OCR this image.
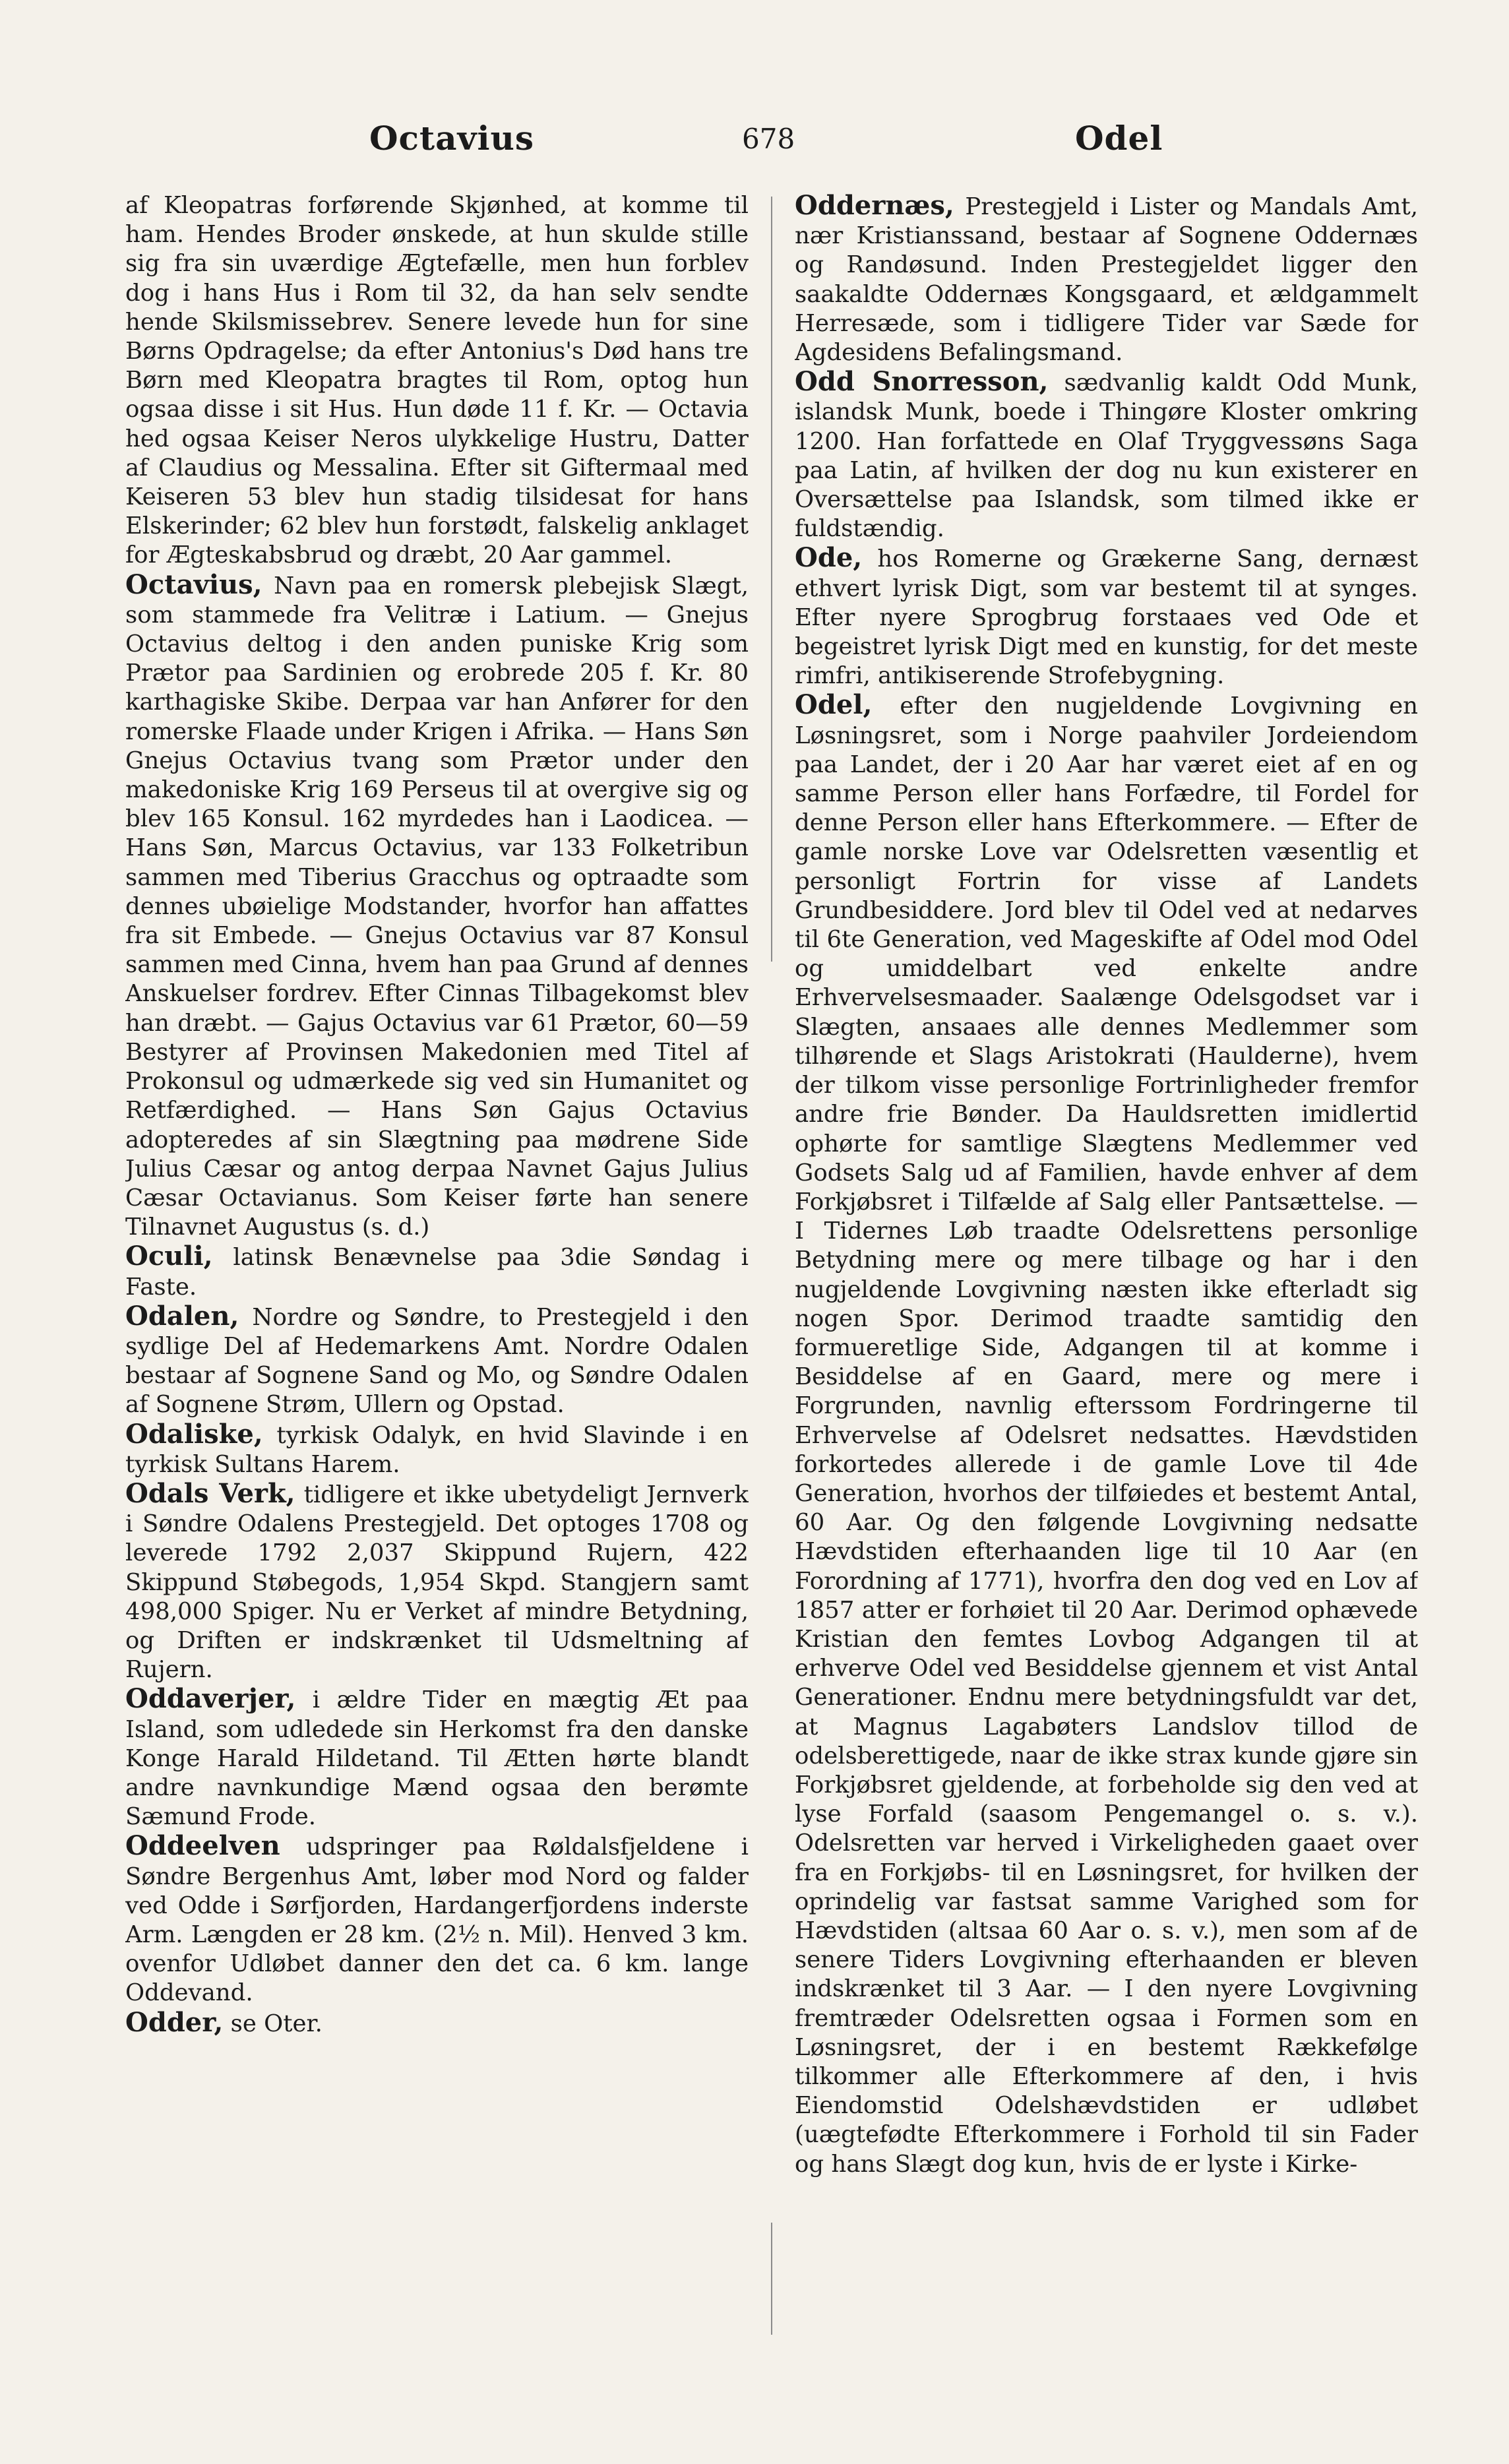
Octavius	678	Odel

af Kleopatras forførende Skjønhed, at komme til ham. Hendes Broder ønskede, at hun skulde stille sig fra sin uværdige Ægtefælle, men hun forblev dog i hans Hus i Rom til 32, da han selv sendte hende Skilsmissebrev. Senere levede hun for sine Børns Opdragelse; da efter Antonius's Død hans tre Børn med Kleopatra bragtes til Rom, optog hun ogsaa disse i sit Hus. Hun døde 11 f. Kr. — Octavia hed ogsaa Keiser Neros ulykkelige Hustru, Datter af Claudius og Messalina. Efter sit Giftermaal med Keiseren 53 blev hun stadig tilsidesat for hans Elskerinder; 62 blev hun forstødt, falskelig anklaget for Ægteskabsbrud og dræbt, 20 Aar gammel.

Octavius, Navn paa en romersk plebejisk Slægt, som stammede fra Velitræ i Latium. — Gnejus Octavius deltog i den anden puniske Krig som Prætor paa Sardinien og erobrede 205 f. Kr. 80 karthagiske Skibe. Derpaa var han Anfører for den romerske Flaade under Krigen i Afrika. — Hans Søn Gnejus Octavius tvang som Prætor under den makedoniske Krig 169 Perseus til at overgive sig og blev 165 Konsul. 162 myrdedes han i Laodicea. — Hans Søn, Marcus Octavius, var 133 Folketribun sammen med Tiberius Gracchus og optraadte som dennes ubøielige Modstander, hvorfor han affattes fra sit Embede. — Gnejus Octavius var 87 Konsul sammen med Cinna, hvem han paa Grund af dennes Anskuelser fordrev. Efter Cinnas Tilbagekomst blev han dræbt. — Gajus Octavius var 61 Prætor, 60—59 Bestyrer af Provinsen Makedonien med Titel af Prokonsul og udmærkede sig ved sin Humanitet og Retfærdighed. — Hans Søn Gajus Octavius adopteredes af sin Slægtning paa mødrene Side Julius Cæsar og antog derpaa Navnet Gajus Julius Cæsar Octavianus. Som Keiser førte han senere Tilnavnet Augustus (s. d.)

Oculi, latinsk Benævnelse paa 3die Søndag i Faste.

Odalen, Nordre og Søndre, to Prestegjeld i den sydlige Del af Hedemarkens Amt. Nordre Odalen bestaar af Sognene Sand og Mo, og Søndre Odalen af Sognene Strøm, Ullern og Opstad.

Odaliske, tyrkisk Odalyk, en hvid Slavinde i en tyrkisk Sultans Harem.

Odals Verk, tidligere et ikke ubetydeligt Jernverk i Søndre Odalens Prestegjeld. Det optoges 1708 og leverede 1792 2,037 Skippund Rujern, 422 Skippund Støbegods, 1,954 Skpd. Stangjern samt 498,000 Spiger. Nu er Verket af mindre Betydning, og Driften er indskrænket til Udsmeltning af Rujern.

Oddaverjer, i ældre Tider en mægtig Æt paa Island, som udledede sin Herkomst fra den danske Konge Harald Hildetand. Til Ætten hørte blandt andre navnkundige Mænd ogsaa den berømte Sæmund Frode.

Oddeelven udspringer paa Røldalsfjeldene i Søndre Bergenhus Amt, løber mod Nord og falder ved Odde i Sørfjorden, Hardangerfjordens inderste Arm. Længden er 28 km. (2½ n. Mil). Henved 3 km. ovenfor Udløbet danner den det ca. 6 km. lange Oddevand.

Odder, se Oter.

Oddernæs, Prestegjeld i Lister og Mandals Amt, nær Kristianssand, bestaar af Sognene Oddernæs og Randøsund. Inden Prestegjeldet ligger den saakaldte Oddernæs Kongsgaard, et ældgammelt Herresæde, som i tidligere Tider var Sæde for Agdesidens Befalingsmand.

Odd Snorresson, sædvanlig kaldt Odd Munk, islandsk Munk, boede i Thingøre Kloster omkring 1200. Han forfattede en Olaf Tryggvessøns Saga paa Latin, af hvilken der dog nu kun existerer en Oversættelse paa Islandsk, som tilmed ikke er fuldstændig.

Ode, hos Romerne og Grækerne Sang, dernæst ethvert lyrisk Digt, som var bestemt til at synges. Efter nyere Sprogbrug forstaaes ved Ode et begeistret lyrisk Digt med en kunstig, for det meste rimfri, antikiserende Strofebygning.

Odel, efter den nugjeldende Lovgivning en Løsningsret, som i Norge paahviler Jordeiendom paa Landet, der i 20 Aar har været eiet af en og samme Person eller hans Forfædre, til Fordel for denne Person eller hans Efterkommere. — Efter de gamle norske Love var Odelsretten væsentlig et personligt Fortrin for visse af Landets Grundbesiddere. Jord blev til Odel ved at nedarves til 6te Generation, ved Mageskifte af Odel mod Odel og umiddelbart ved enkelte andre Erhvervelsesmaader. Saalænge Odelsgodset var i Slægten, ansaaes alle dennes Medlemmer som tilhørende et Slags Aristokrati (Haulderne), hvem der tilkom visse personlige Fortrinligheder fremfor andre frie Bønder. Da Hauldsretten imidlertid ophørte for samtlige Slægtens Medlemmer ved Godsets Salg ud af Familien, havde enhver af dem Forkjøbsret i Tilfælde af Salg eller Pantsættelse. — I Tidernes Løb traadte Odelsrettens personlige Betydning mere og mere tilbage og har i den nugjeldende Lovgivning næsten ikke efterladt sig nogen Spor. Derimod traadte samtidig den formueretlige Side, Adgangen til at komme i Besiddelse af en Gaard, mere og mere i Forgrunden, navnlig efterssom Fordringerne til Erhvervelse af Odelsret nedsattes. Hævdstiden forkortedes allerede i de gamle Love til 4de Generation, hvorhos der tilføiedes et bestemt Antal, 60 Aar. Og den følgende Lovgivning nedsatte Hævdstiden efterhaanden lige til 10 Aar (en Forordning af 1771), hvorfra den dog ved en Lov af 1857 atter er forhøiet til 20 Aar. Derimod ophævede Kristian den femtes Lovbog Adgangen til at erhverve Odel ved Besiddelse gjennem et vist Antal Generationer. Endnu mere betydningsfuldt var det, at Magnus Lagabøters Landslov tillod de odelsberettigede, naar de ikke strax kunde gjøre sin Forkjøbsret gjeldende, at forbeholde sig den ved at lyse Forfald (saasom Pengemangel o. s. v.). Odelsretten var herved i Virkeligheden gaaet over fra en Forkjøbs- til en Løsningsret, for hvilken der oprindelig var fastsat samme Varighed som for Hævdstiden (altsaa 60 Aar o. s. v.), men som af de senere Tiders Lovgivning efterhaanden er bleven indskrænket til 3 Aar. — I den nyere Lovgivning fremtræder Odelsretten ogsaa i Formen som en Løsningsret, der i en bestemt Rækkefølge tilkommer alle Efterkommere af den, i hvis Eiendomstid Odelshævdstiden er udløbet (uægtefødte Efterkommere i Forhold til sin Fader og hans Slægt dog kun, hvis de er lyste i Kirke-
